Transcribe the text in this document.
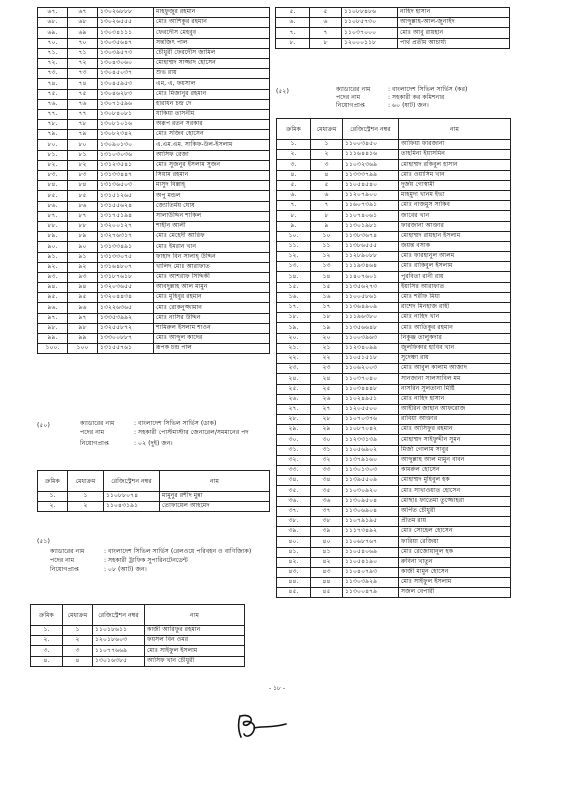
৬৭.	৬৭	১৩০২৬৮৮৮	মাহফুজুর রহমান
৬৮.	৬৮	১৩০২৬৫৫৫	মোঃ আশিকুর রহমান
৬৯.	৬৯	১৩০৩৪১১১	ফেরদৌস মেহবুব
৭০.	৭০	১৩০৩৫৬৪৭	সন্তজিৎ পাল
৭১.	৭১	১৩০৩৯৫৭৩	চৌধুরী ফেরদৌস জামিল
৭২.	৭২	১৩০৪৩০৬০	মোহাম্মদ সাজ্জাদ হোসেন
৭৩.	৭৩	১৩০৪৫০৩৭	শুভ রায়
৭৪.	৭৪	১৩০৪৫৯৫৩	এম, এ, ফয়সাল
৭৫.	৭৫	১৩০৪৬২৮৩	মোঃ মিজানুর রহমান
৭৬.	৭৬	১৩০৭১৫৯৬	হারাধন চন্দ্র দে
৭৭.	৭৭	১৩০৮৪০৮১	যাকিয়া তাসনীম
৭৮.	৭৮	১৩০৮১০১৬	অরূপ রতন সরকার
৭৯.	৭৯	১৩০৮২৩৪২	মোঃ সজিব হোসেন
৮০.	৮০	১৩০৯০১৩০	এ.এম.এম. সাকিফ-উল-ইসলাম
৮১.	৮১	১৩১০৩০৩৬	আসিফ রেজা
৮২.	৮২	১৩১২৩৫৪১	মোঃ সুজনুর ইসলাম সুজন
৮৩.	৮৩	১৩১৩৩৪৪৭	সিয়াম রহমান
৮৪.	৮৪	১৩১৩৬৫০৩	মাসুদ বিল্লাহ্
৮৫.	৮৫	১৩১৫১২৬৫	অপু মন্ডল
৮৬.	৮৬	১৩১৫৫৬২৪	জ্যোতির্ময় ঘোষ
৮৭.	৮৭	১৩১৭৫১৯৪	সালাউদ্দিন শাকিল
৮৮.	৮৮	১৩২০০১২৭	শাহীন আলী
৮৯.	৮৯	১৩২৭৬৩১৭	মোঃ মেহেদী আরিফ
৯০.	৯০	১৩১৩৩৪৯১	মোঃ ইমরান খান
৯১.	৯১	১৩১৩৩০৭৫	ফাহাদ বিন সালাহ্ উদ্দিন
৯২.	৯২	১৩১৬৪৮০৭	খালিদ মোঃ আরাফাত
৯৩.	৯৩	১৩১৮৭৬১৮	মোঃ আশরাফ সিদ্দিকী
৯৪.	৯৪	১৩২০৩৬৫৫	আবদুল্লাহ আল মামুন
৯৫.	৯৫	১৩২০৪৪৩৪	মোঃ মুহিবুর রহমান
৯৬.	৯৬	১৩২২৬৩৬৫	মোঃ রোকনুজ্জামান
৯৭.	৯৭	১৩৩৫৩৯৯২	মোঃ নাসির উদ্দিন
৯৮.	৯৮	১৩২৫৫৮৭২	শামিরুল ইসলাম শাওন
৯৯.	৯৯	১৩৩০০৮৮৭	মোঃ আব্দুল কাদের
১০০.	১০০	১৩১৫৫৭৬১	রূপক চন্দ্র পাল
(৫০)	ক্যাডারের নাম	: বাংলাদেশ সিভিল সার্ভিস (ডাক)
পদের নাম	: সহকারী পোস্টমাস্টার জেনারেল/সমমানের পদ
নিয়োগপ্রাপ্ত	: ০২ (দুই) জন।
ক্রমিক	মেধাক্রম	রেজিস্ট্রেশন নম্বর	নাম
১.	১	১১০৮৮০৭৪	মামুনুর রশীদ মুন্না
২.	২	১১০৪৩১৯১	তোফায়েল আহমেদ
(৫১)
ক্যাডারের নাম	: বাংলাদেশ সিভিল সার্ভিস (রেলওয়ে পরিবহন ও বাণিজ্যিক)
পদের নাম	: সহকারী ট্রাফিক সুপারিনটেনডেন্ট
নিয়োগপ্রাপ্ত	: ০৮ (আট) জন।
ক্রমিক	মেধাক্রম	রেজিস্ট্রেশন নম্বর	নাম
১.	১	১১০১৮৬১১	কাজী আরিফুর রহমান
২.	২	১২০১৮৬০৩	ফয়সল বিন ওমর
৩.	৩	১১০৭৭৬৬৯	মোঃ সাইফুল ইসলাম
৪.	৪	১৩০১৬৩৮৫	আসিফ খান চৌধুরী
৫.	৫	১১০৮৮৪৮৬	নাহিদ হাসান
৬.	৬	১১০৮৫৭৩০	আব্দুল্লাহ-আল-জুনাইদ
৭.	৭	১১০৩৭০০০	মোঃ আবু রায়হান
৮.	৮	১২০০০১১৮	পার্থ প্রতীম আচার্য্য
(৫২)	ক্যাডারের নাম	: বাংলাদেশ সিভিল সার্ভিস (কর)
পদের নাম	: সহকারী কর কমিশনার
নিয়োগপ্রাপ্ত	: ৬০ (ষাট) জন।
ক্রমিক	মেধাক্রম	রেজিস্ট্রেশন নম্বর	নাম
১.	১	১১০০৩৪৫০	আফিয়া ফারজানা
২.	২	১১১৬৪৪১৬	তাহমিনা ইয়াসমিন
৩.	৩	১১০৩২৩৬৯	মোহাম্মদ রকিবুল হাসান
৪.	৪	১১৩৩৩৭৯৯	মোঃ ওয়াসিম খান
৫.	৫	১১০৫৪৫৪০	দুর্জয় গোস্বামী
৬.	৬	১১২০৭৯০০	মাহমুদা খানম ইভা
৭.	৭	১১৬০৭৩৯১	মোঃ নাজমুস সাকিব
৮.	৮	১১০৭৪০৬১	জাবের খান
৯.	৯	১১৩০১৯৮১	ফারজানা আক্তার
১০.	১০	১১৩৮৩৬৭৪	মোহাম্মদ রায়হান ইসলাম
১১.	১১	১১৩৮৬৫৫৫	জয়ন্ত বসাক
১২.	১২	১১২৮৯০৮৮	মোঃ ফারহানুল আলম
১৩.	১৩	১১১৯৩৪৬৪	মোঃ রাকিবুল ইসলাম
১৪.	১৪	১১৪০৭৬০১	পুরবিতা রানী রায়
১৫.	১৫	১১৩৫৬২৭৩	ইয়াসির আরাফাত
১৬.	১৬	১১০০৫৮৬১	মোঃ শরীফ মিয়া
১৭.	১৭	১১৩৬৪৯০৯	রাশেদ মিনহাজ রাহী
১৮.	১৮	১১১৯৬৩৮০	মোঃ নাহিদ খান
১৯.	১৯	১১৩৫৬৬৪৮	মোঃ আতিকুর রহমান
২০.	২০	১১০০৩৯৬৩	নিকুঞ্জ তালুকদার
২১.	২১	১১২৩৪০৯৯	জুলফিকার হাবিব খান
২২.	২২	১১০৫১৫১৮	সুদেষ্ণা রায়
২৩.	২৩	১১০৬২০০৩	মোঃ আবুল কালাম আজাদ
২৪.	২৪	১১০৩৭০৪০	সানজানা সালসাবিল মম
২৫.	২৫	১১০৩৪৪৪৮	নাসরিন সুলতানা মিষ্টি
২৬.	২৬	১১০২৪৯৫১	মোঃ নাহিদ হাসান
২৭.	২৭	১১২০৫৫০০	আইরিন জাহান আফরোজ
২৮.	২৮	১১০৭০৩৭৬	রাবিয়া আক্তার
২৯.	২৯	১১০৮৭০৪২	মোঃ আসিফুর রহমান
৩০.	৩০	১১২৩৩১৩৯	মোহাম্মদ সাইফুদ্দীন সুমন
৩১.	৩১	১১০৫৬৯০২	মির্জা গোলাম সাবুর
৩২.	৩২	১১৩৭৯১৬০	আব্দুল্লাহ আল মামুন বাবন
৩৩.	৩৩	১১৩০১৩০৩	কামরুল হোসেন
৩৪.	৩৪	১১৩৯৫৫০৯	মোহাম্মদ মুহিবুল হক
৩৫.	৩৫	১১০৩০৯২০	মোঃ সাখাওয়াত হোসেন
৩৬.	৩৬	১১৩০৯৫০৪	মোছাঃ ফাতেমা তুজ্জোহরা
৩৭.	৩৭	১১৩০৬৯০৪	অর্পিত চৌধুরী
৩৮.	৩৮	১১০৭৯১৯৫	প্রীতম রায়
৩৯.	৩৯	১১১৭৩৪৯২	মোঃ সোহেল হোসেন
৪০.	৪০	১১০৬৮৭৬৭	ফারিয়া রেজিয়া
৪১.	৪১	১১০৫৪০৬৯	মোঃ রেজোয়ানুল হক
৪২.	৪২	১১০৫৪১৯০	রুবিনা খাতুন
৪৩.	৪৩	১১০৪০৭৯৩	কাজী মামুন হোসেন
৪৪.	৪৪	১১৩০৩৯২৯	মোঃ সাইফুল ইসলাম
৪৫.	৪৫	১১৩০০৪৭৯	সজল বেপারী
- ১৮ -
